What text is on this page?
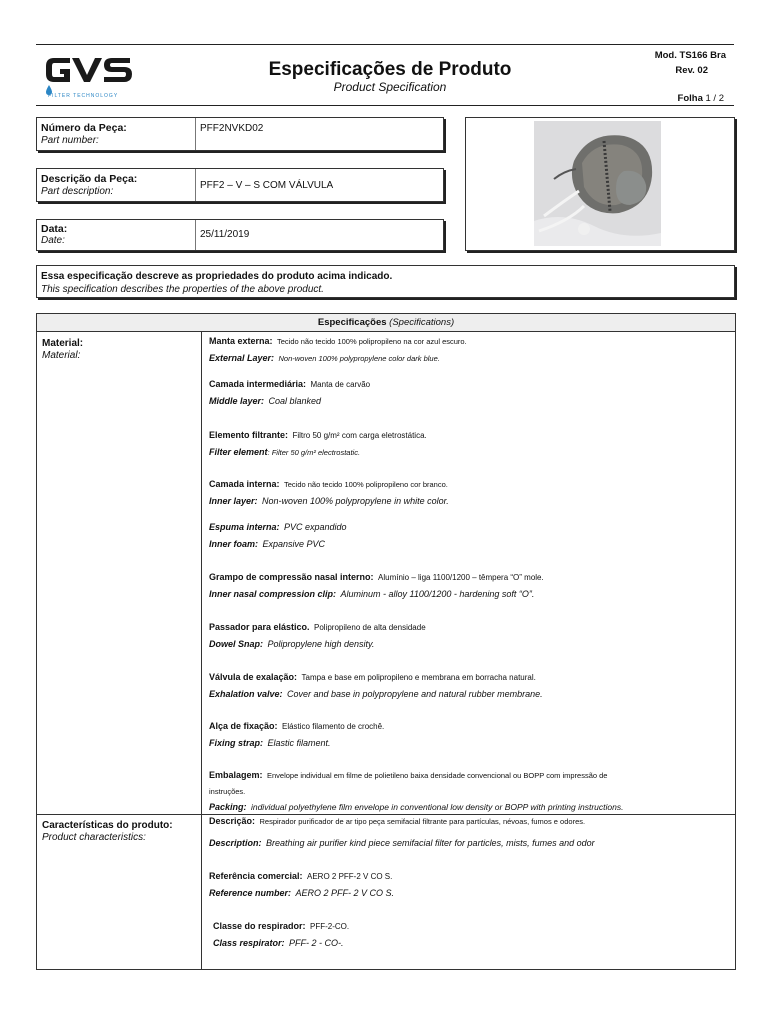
FILTER TECHNOLOGY
Especificações de Produto
Product Specification
Mod. TS166 Bra
Rev. 02
Folha 1 / 2
Número da Peça:
Part number:
PFF2NVKD02
Descrição da Peça:
Part description:
PFF2 – V – S COM VÁLVULA
Data:
Date:
25/11/2019
Essa especificação descreve as propriedades do produto acima indicado.
This specification describes the properties of the above product.
Especificações (Specifications)
Material:
Material:
Características do produto:
Product characteristics:
Manta externa: Tecido não tecido 100% polipropileno na cor azul escuro.
External Layer: Non-woven 100% polypropylene color dark blue.
Camada intermediária: Manta de carvão
Middle layer: Coal blanked
Elemento filtrante: Filtro 50 g/m² com carga eletrostática.
Filter element: Filter 50 g/m² electrostatic.
Camada interna: Tecido não tecido 100% polipropileno cor branco.
Inner layer: Non-woven 100% polypropylene in white color.
Espuma interna: PVC expandido
Inner foam: Expansive PVC
Grampo de compressão nasal interno: Alumínio – liga 1100/1200 – têmpera “O” mole.
Inner nasal compression clip: Aluminum - alloy 1100/1200 - hardening soft “O”.
Passador para elástico. Polipropileno de alta densidade
Dowel Snap: Polipropylene high density.
Válvula de exalação: Tampa e base em polipropileno e membrana em borracha natural.
Exhalation valve: Cover and base in polypropylene and natural rubber membrane.
Alça de fixação: Elástico filamento de crochê.
Fixing strap: Elastic filament.
Embalagem: Envelope individual em filme de polietileno baixa densidade convencional ou BOPP com impressão de
instruções.
Packing: individual polyethylene film envelope in conventional low density or BOPP with printing instructions.
Descrição: Respirador purificador de ar tipo peça semifacial filtrante para partículas, névoas, fumos e odores.
Description: Breathing air purifier kind piece semifacial filter for particles, mists, fumes and odor
Referência comercial: AERO 2 PFF-2 V CO S.
Reference number: AERO 2 PFF- 2 V CO S.
Classe do respirador: PFF-2-CO.
Class respirator: PFF- 2 - CO-.
